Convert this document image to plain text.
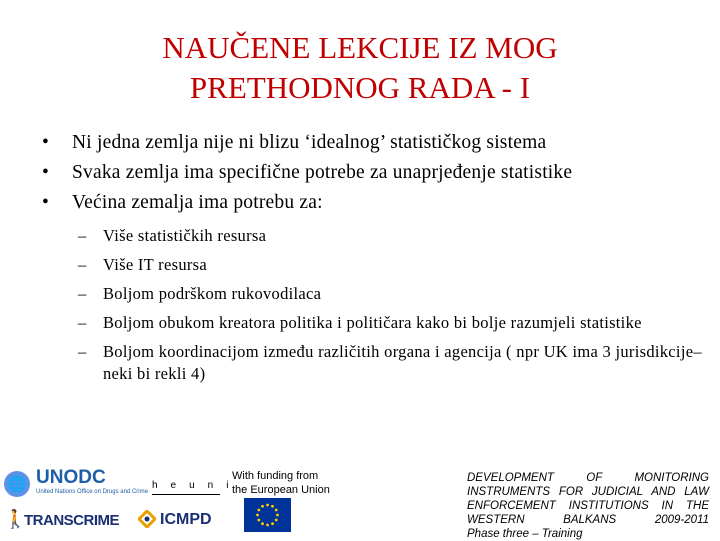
NAUČENE LEKCIJE IZ MOG
PRETHODNOG RADA - I
• Ni jedna zemlja nije ni blizu ‘idealnog’ statističkog sistema
• Svaka zemlja ima specifične potrebe za unaprjeđenje statistike
• Većina zemalja ima potrebu za:
– Više statističkih resursa
– Više IT resursa
– Boljom podrškom rukovodilaca
– Boljom obukom kreatora politika i političara kako bi bolje razumjeli statistike
– Boljom koordinacijom između različitih organa i agencija ( npr UK ima 3 jurisdikcije– neki bi rekli 4)
🌐 UNODC
United Nations Office on Drugs and Crime
heuni
🚶
TRANSCRIME	ICMPD
With funding from the European Union
DEVELOPMENT OF MONITORING
INSTRUMENTS FOR JUDICIAL AND LAW
ENFORCEMENT INSTITUTIONS IN THE
WESTERN BALKANS 2009-2011
Phase three – Training
